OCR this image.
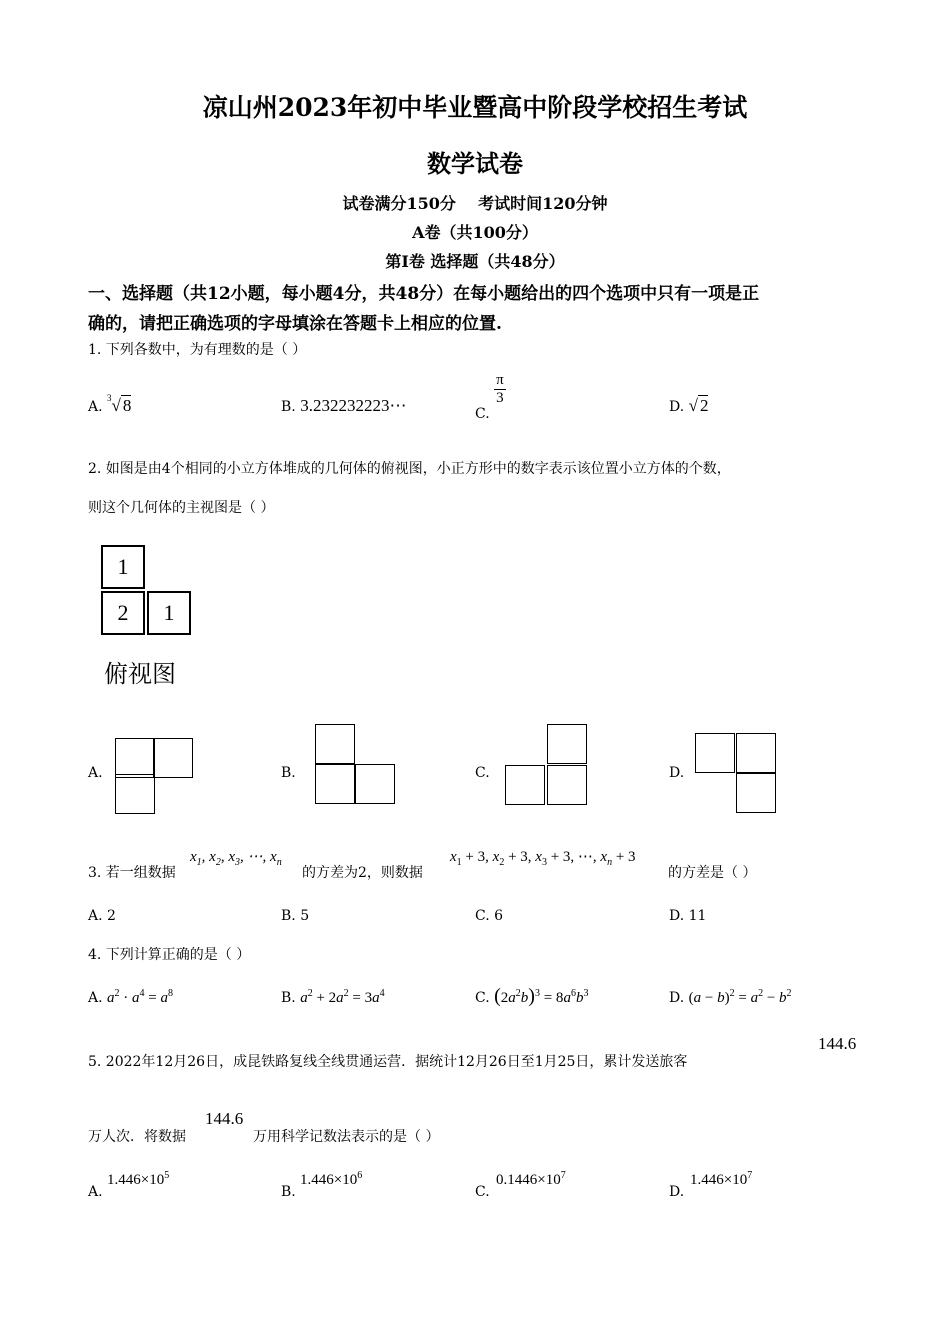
凉山州2023年初中毕业暨高中阶段学校招生考试
数学试卷
试卷满分150分    考试时间120分钟
A卷（共100分）
第Ⅰ卷 选择题（共48分）
一、选择题（共12小题，每小题4分，共48分）在每小题给出的四个选项中只有一项是正
确的，请把正确选项的字母填涂在答题卡上相应的位置.
1. 下列各数中，为有理数的是（ ）
A. $^3$√ 8	B. 3.232232223⋯	C.
$\frac{\pi}{3}$	D. √ 2
2. 如图是由4个相同的小立方体堆成的几何体的俯视图，小正方形中的数字表示该位置小立方体的个数，
则这个几何体的主视图是（ ）
1
2	1
俯视图
A.	B.	C.	D.
3. 若一组数据
$x_1$, $x_2$, $x_3$, ⋯, $x_n$
的方差为2，则数据
$x_1 + 3$, $x_2 + 3$, $x_3 + 3$, ⋯, $x_n + 3$
的方差是（ ）
A. 2	B. 5	C. 6	D. 11
4. 下列计算正确的是（ ）
A. $a^2 \cdot a^4 = a^8$	B. $a^2 + 2a^2 = 3a^4$	C. $(2a^2b)^3 = 8a^6b^3$	D. $(a - b)^2 = a^2 - b^2$
5. 2022年12月26日，成昆铁路复线全线贯通运营．据统计12月26日至1月25日，累计发送旅客
144.6
万人次．将数据
144.6
万用科学记数法表示的是（ ）
A.
$1.446\times 10^5$
B.
$1.446\times 10^6$
C.
$0.1446\times 10^7$
D.
$1.446\times 10^7$
